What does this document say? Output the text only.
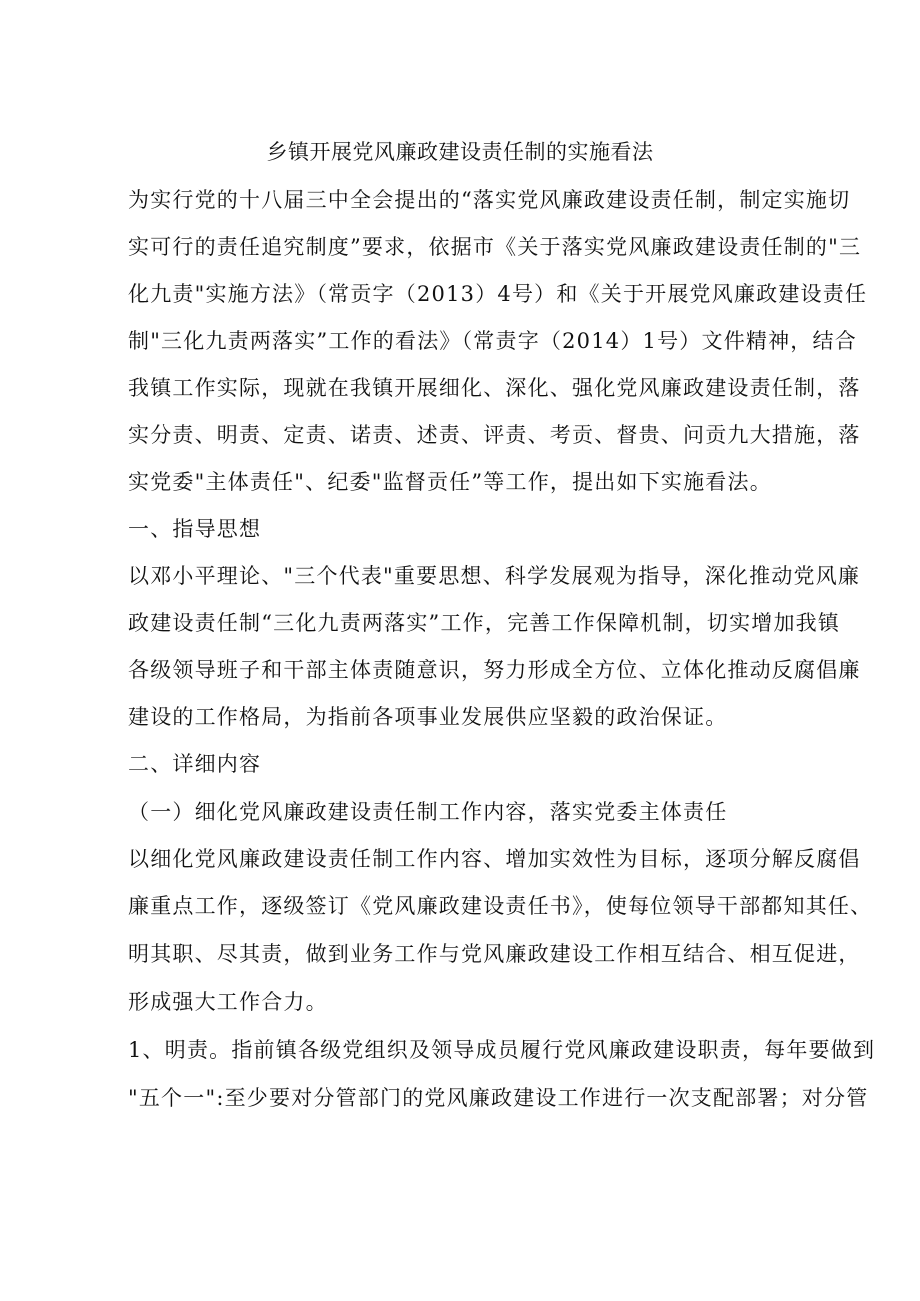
乡镇开展党风廉政建设责任制的实施看法
为实行党的十八届三中全会提出的“落实党风廉政建设责任制，制定实施切
实可行的责任追究制度”要求，依据市《关于落实党风廉政建设责任制的"三
化九责"实施方法》（常贡字（2013）4号）和《关于开展党风廉政建设责任
制"三化九责两落实”工作的看法》（常责字（2014）1号）文件精神，结合
我镇工作实际，现就在我镇开展细化、深化、强化党风廉政建设责任制，落
实分责、明责、定责、诺责、述责、评责、考贡、督贵、问贡九大措施，落
实党委"主体责任"、纪委"监督贡任”等工作，提出如下实施看法。
一、指导思想
以邓小平理论、"三个代表"重要思想、科学发展观为指导，深化推动党风廉
政建设责任制“三化九责两落实”工作，完善工作保障机制，切实增加我镇
各级领导班子和干部主体责随意识，努力形成全方位、立体化推动反腐倡廉
建设的工作格局，为指前各项事业发展供应坚毅的政治保证。
二、详细内容
（一）细化党风廉政建设责任制工作内容，落实党委主体责任
以细化党风廉政建设责任制工作内容、增加实效性为目标，逐项分解反腐倡
廉重点工作，逐级签订《党风廉政建设责任书》，使每位领导干部都知其任、
明其职、尽其责，做到业务工作与党风廉政建设工作相互结合、相互促进，
形成强大工作合力。
1、明责。指前镇各级党组织及领导成员履行党风廉政建设职责，每年要做到
"五个一":至少要对分管部门的党风廉政建设工作进行一次支配部署；对分管
